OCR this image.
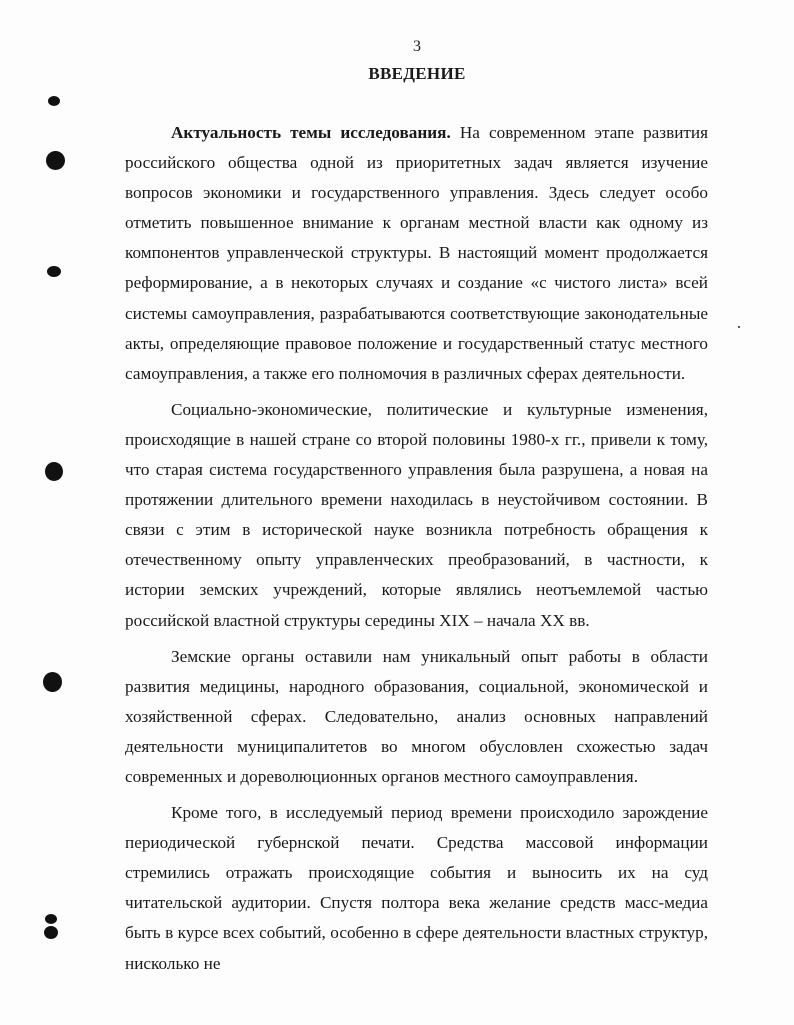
3
ВВЕДЕНИЕ

Актуальность темы исследования. На современном этапе развития российского общества одной из приоритетных задач является изучение вопросов экономики и государственного управления. Здесь следует особо отметить повышенное внимание к органам местной власти как одному из компонентов управленческой структуры. В настоящий момент продолжается реформирование, а в некоторых случаях и создание «с чистого листа» всей системы самоуправления, разрабатываются соответствующие законодательные акты, определяющие правовое положение и государственный статус местного самоуправления, а также его полномочия в различных сферах деятельности.

Социально-экономические, политические и культурные изменения, происходящие в нашей стране со второй половины 1980-х гг., привели к тому, что старая система государственного управления была разрушена, а новая на протяжении длительного времени находилась в неустойчивом состоянии. В связи с этим в исторической науке возникла потребность обращения к отечественному опыту управленческих преобразований, в частности, к истории земских учреждений, которые являлись неотъемлемой частью российской властной структуры середины XIX – начала XX вв.

Земские органы оставили нам уникальный опыт работы в области развития медицины, народного образования, социальной, экономической и хозяйственной сферах. Следовательно, анализ основных направлений деятельности муниципалитетов во многом обусловлен схожестью задач современных и дореволюционных органов местного самоуправления.

Кроме того, в исследуемый период времени происходило зарождение периодической губернской печати. Средства массовой информации стремились отражать происходящие события и выносить их на суд читательской аудитории. Спустя полтора века желание средств масс-медиа быть в курсе всех событий, особенно в сфере деятельности властных структур, нисколько не
